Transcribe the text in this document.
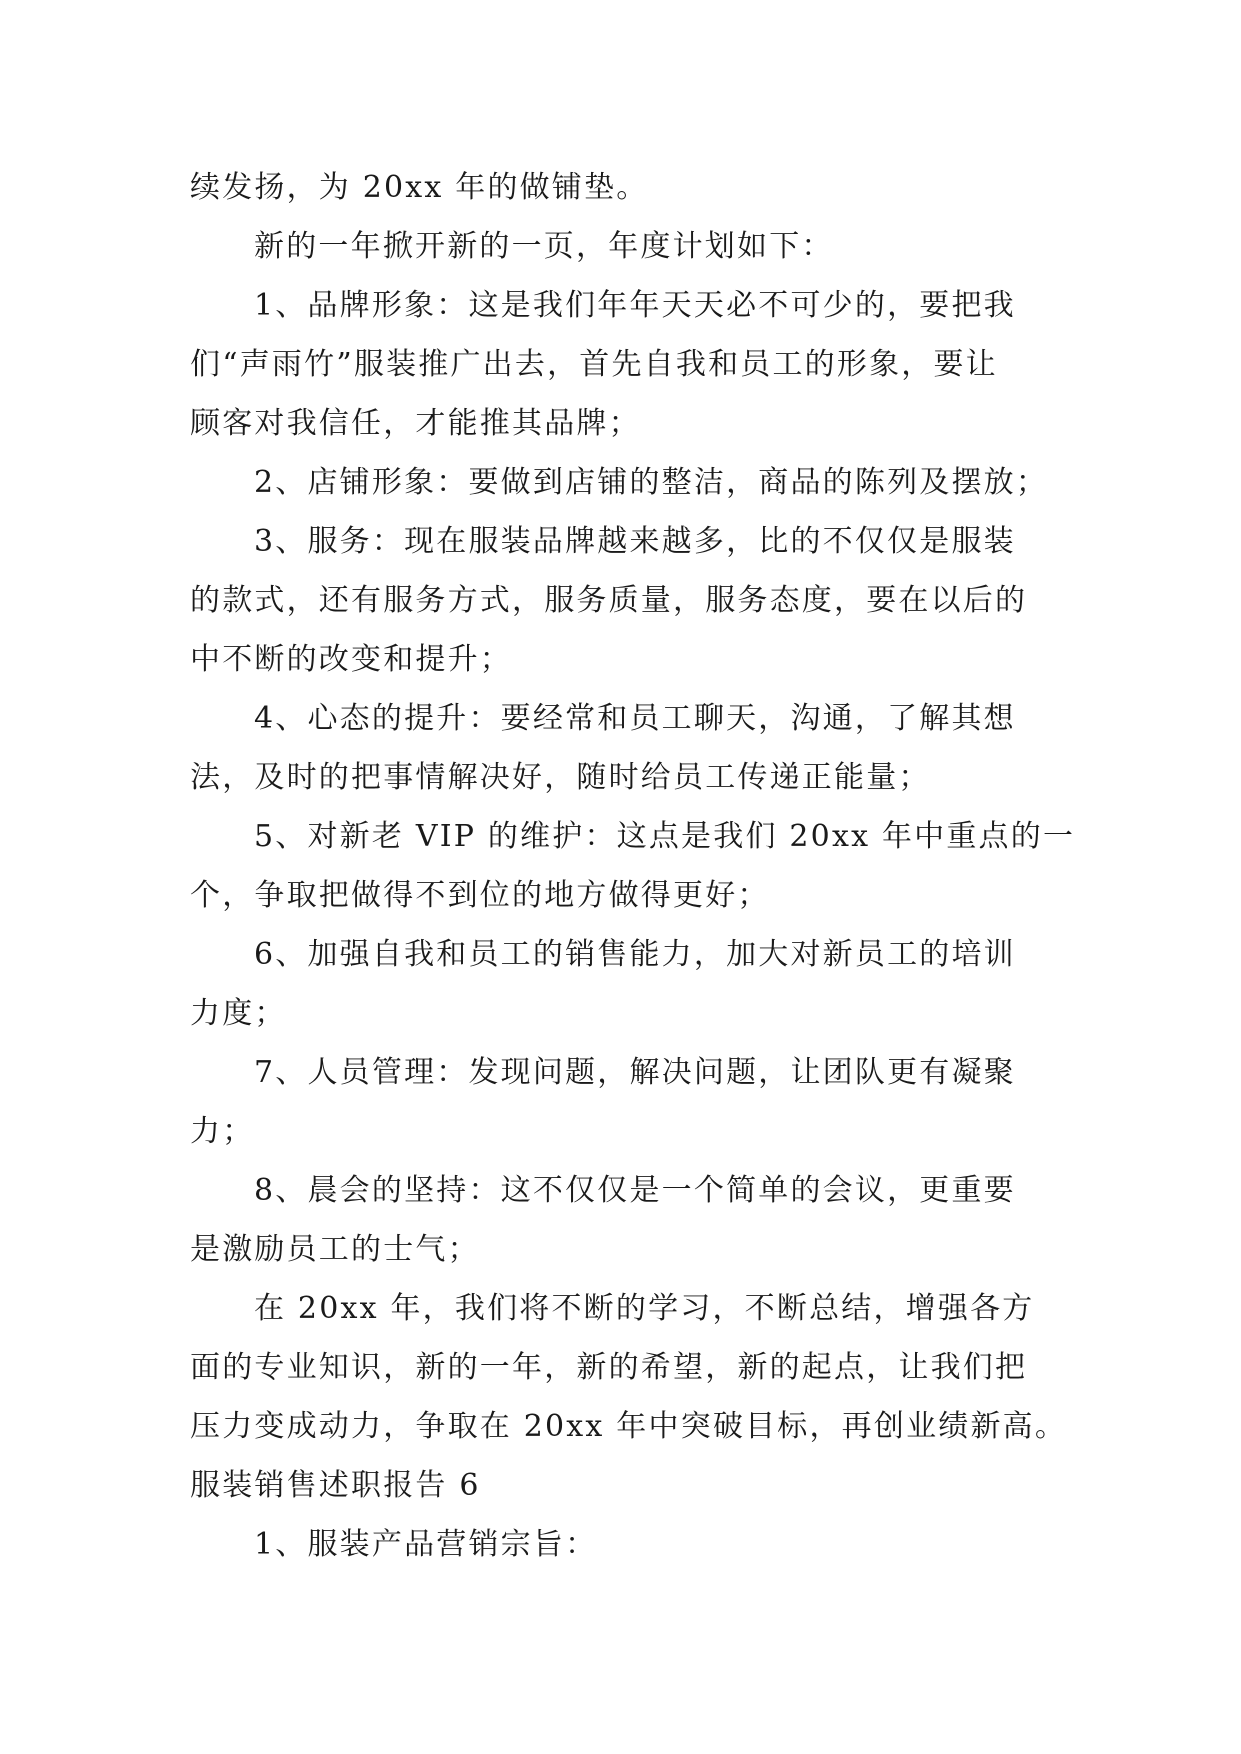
续发扬，为 20xx 年的做铺垫。
新的一年掀开新的一页，年度计划如下：
1、品牌形象：这是我们年年天天必不可少的，要把我
们“声雨竹”服装推广出去，首先自我和员工的形象，要让
顾客对我信任，才能推其品牌；
2、店铺形象：要做到店铺的整洁，商品的陈列及摆放；
3、服务：现在服装品牌越来越多，比的不仅仅是服装
的款式，还有服务方式，服务质量，服务态度，要在以后的
中不断的改变和提升；
4、心态的提升：要经常和员工聊天，沟通，了解其想
法，及时的把事情解决好，随时给员工传递正能量；
5、对新老 VIP 的维护：这点是我们 20xx 年中重点的一
个，争取把做得不到位的地方做得更好；
6、加强自我和员工的销售能力，加大对新员工的培训
力度；
7、人员管理：发现问题，解决问题，让团队更有凝聚
力；
8、晨会的坚持：这不仅仅是一个简单的会议，更重要
是激励员工的士气；
在 20xx 年，我们将不断的学习，不断总结，增强各方
面的专业知识，新的一年，新的希望，新的起点，让我们把
压力变成动力，争取在 20xx 年中突破目标，再创业绩新高。
服装销售述职报告 6
1、服装产品营销宗旨：
